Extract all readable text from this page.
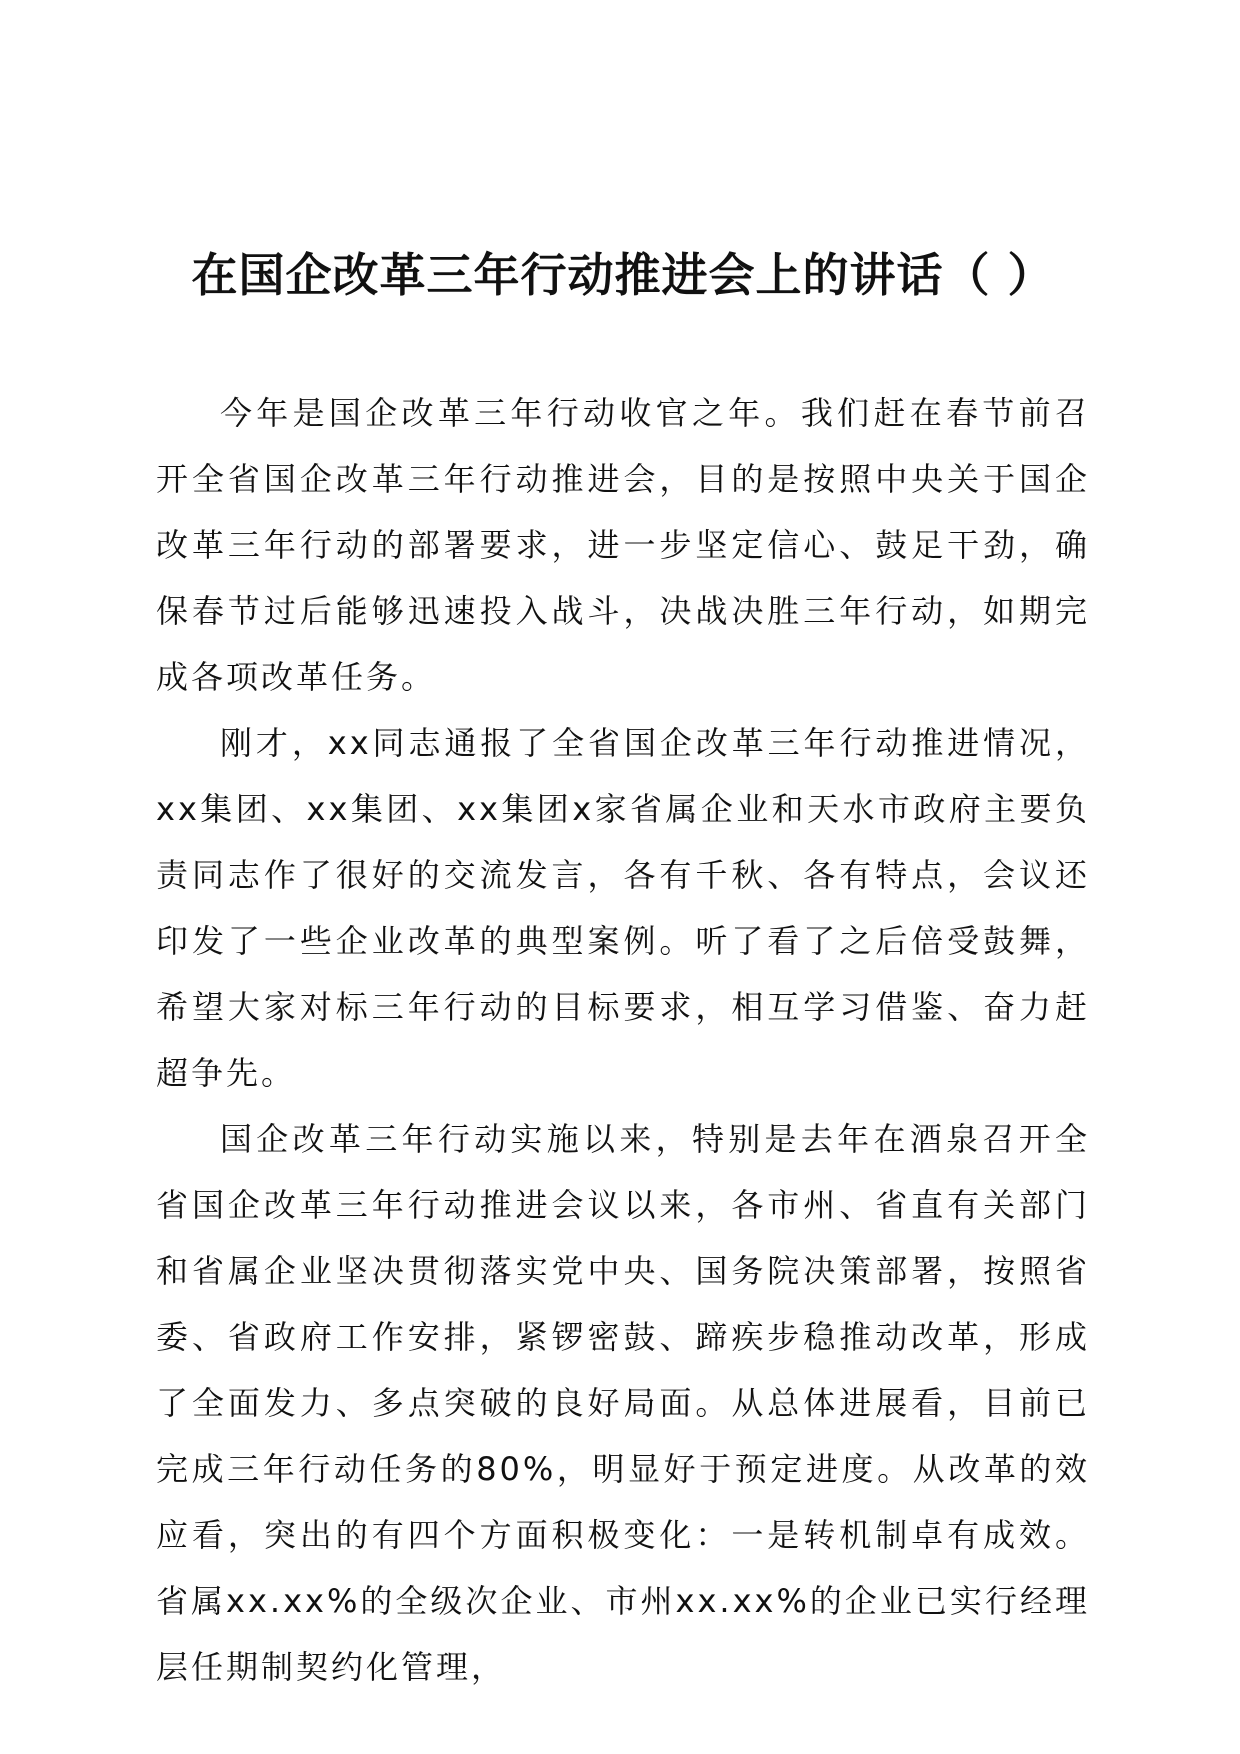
在国企改革三年行动推进会上的讲话（ ）

今年是国企改革三年行动收官之年。我们赶在春节前召开全省国企改革三年行动推进会，目的是按照中央关于国企改革三年行动的部署要求，进一步坚定信心、鼓足干劲，确保春节过后能够迅速投入战斗，决战决胜三年行动，如期完成各项改革任务。

刚才，xx同志通报了全省国企改革三年行动推进情况，xx集团、xx集团、xx集团x家省属企业和天水市政府主要负责同志作了很好的交流发言，各有千秋、各有特点，会议还印发了一些企业改革的典型案例。听了看了之后倍受鼓舞，希望大家对标三年行动的目标要求，相互学习借鉴、奋力赶超争先。

国企改革三年行动实施以来，特别是去年在酒泉召开全省国企改革三年行动推进会议以来，各市州、省直有关部门和省属企业坚决贯彻落实党中央、国务院决策部署，按照省委、省政府工作安排，紧锣密鼓、蹄疾步稳推动改革，形成了全面发力、多点突破的良好局面。从总体进展看，目前已完成三年行动任务的80%，明显好于预定进度。从改革的效应看，突出的有四个方面积极变化：一是转机制卓有成效。省属xx.xx%的全级次企业、市州xx.xx%的企业已实行经理层任期制契约化管理，
